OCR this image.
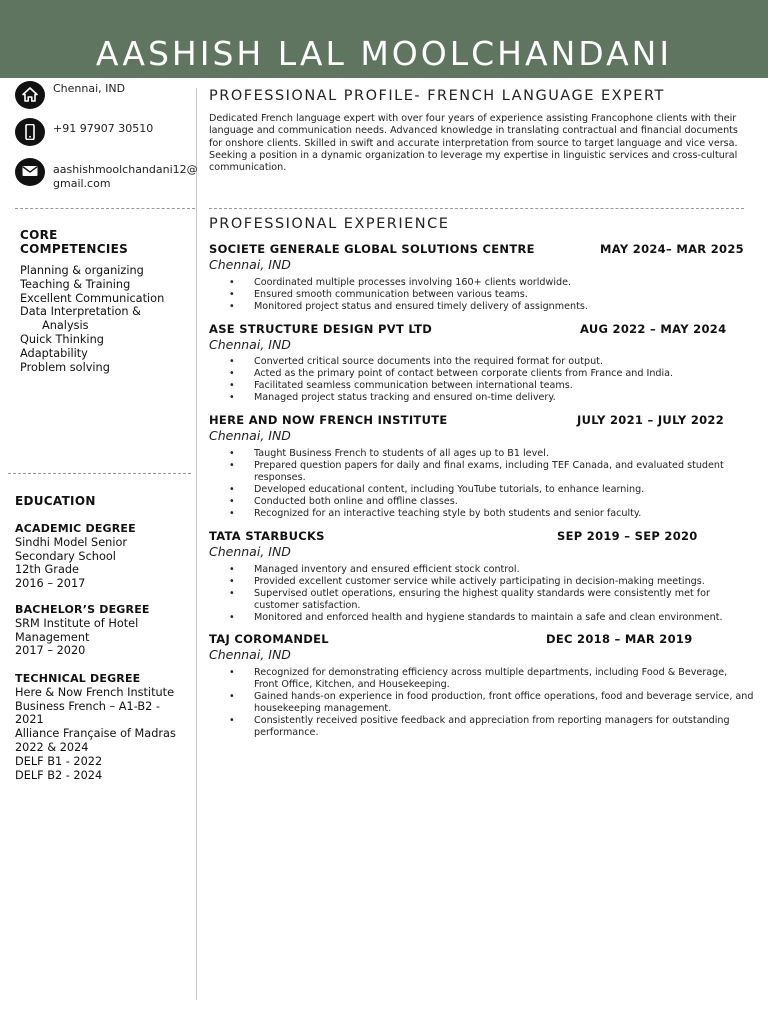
AASHISH LAL MOOLCHANDANI
Chennai, IND
+91 97907 30510
aashishmoolchandani12@gmail.com
CORE COMPETENCIES
Planning & organizing
Teaching & Training
Excellent Communication
Data Interpretation &
Analysis
Quick Thinking
Adaptability
Problem solving
EDUCATION
ACADEMIC DEGREE
Sindhi Model Senior
Secondary School
12th Grade
2016 – 2017
BACHELOR’S DEGREE
SRM Institute of Hotel
Management
2017 – 2020
TECHNICAL DEGREE
Here & Now French Institute
Business French – A1-B2 -
2021
Alliance Française of Madras
2022 & 2024
DELF B1 - 2022
DELF B2 - 2024
PROFESSIONAL PROFILE- FRENCH LANGUAGE EXPERT
Dedicated French language expert with over four years of experience assisting Francophone clients with their language and communication needs. Advanced knowledge in translating contractual and financial documents for onshore clients. Skilled in swift and accurate interpretation from source to target language and vice versa. Seeking a position in a dynamic organization to leverage my expertise in linguistic services and cross-cultural communication.
PROFESSIONAL EXPERIENCE
SOCIETE GENERALE GLOBAL SOLUTIONS CENTRE	MAY 2024– MAR 2025
Chennai, IND
• Coordinated multiple processes involving 160+ clients worldwide.
• Ensured smooth communication between various teams.
• Monitored project status and ensured timely delivery of assignments.
ASE STRUCTURE DESIGN PVT LTD	AUG 2022 – MAY 2024
Chennai, IND
• Converted critical source documents into the required format for output.
• Acted as the primary point of contact between corporate clients from France and India.
• Facilitated seamless communication between international teams.
• Managed project status tracking and ensured on-time delivery.
HERE AND NOW FRENCH INSTITUTE	JULY 2021 – JULY 2022
Chennai, IND
• Taught Business French to students of all ages up to B1 level.
• Prepared question papers for daily and final exams, including TEF Canada, and evaluated student responses.
• Developed educational content, including YouTube tutorials, to enhance learning.
• Conducted both online and offline classes.
• Recognized for an interactive teaching style by both students and senior faculty.
TATA STARBUCKS	SEP 2019 – SEP 2020
Chennai, IND
• Managed inventory and ensured efficient stock control.
• Provided excellent customer service while actively participating in decision-making meetings.
• Supervised outlet operations, ensuring the highest quality standards were consistently met for customer satisfaction.
• Monitored and enforced health and hygiene standards to maintain a safe and clean environment.
TAJ COROMANDEL	DEC 2018 – MAR 2019
Chennai, IND
• Recognized for demonstrating efficiency across multiple departments, including Food & Beverage, Front Office, Kitchen, and Housekeeping.
• Gained hands-on experience in food production, front office operations, food and beverage service, and housekeeping management.
• Consistently received positive feedback and appreciation from reporting managers for outstanding performance.
